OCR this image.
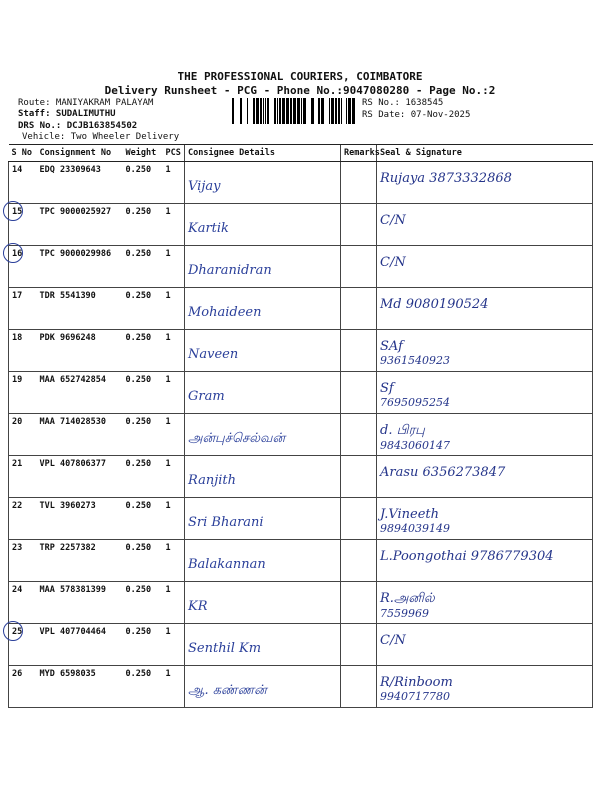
THE PROFESSIONAL COURIERS, COIMBATORE
Delivery Runsheet - PCG - Phone No.:9047080280 - Page No.:2
Route: MANIYAKRAM PALAYAM
Staff: SUDALIMUTHU
DRS No.: DCJB163854502
Vehicle: Two Wheeler Delivery
RS No.: 1638545
RS Date: 07-Nov-2025
S No	Consignment No	Weight	PCS	Consignee Details	Remarks	Seal & Signature
14	EDQ 23309643	0.250	1	Vijay		Rujaya 3873332868

15	TPC 9000025927	0.250	1	Kartik		C/N

16	TPC 9000029986	0.250	1	Dharanidran		C/N

17	TDR 5541390	0.250	1	Mohaideen		Md 9080190524

18	PDK 9696248	0.250	1	Naveen		SAf
9361540923

19	MAA 652742854	0.250	1	Gram		Sf
7695095254

20	MAA 714028530	0.250	1	அன்புச்செல்வன்		d. பிரபு
9843060147

21	VPL 407806377	0.250	1	Ranjith		Arasu 6356273847

22	TVL 3960273	0.250	1	Sri Bharani		J.Vineeth
9894039149

23	TRP 2257382	0.250	1	Balakannan		L.Poongothai 9786779304

24	MAA 578381399	0.250	1	KR		R.அனில்
7559969

25	VPL 407704464	0.250	1	Senthil Km		C/N

26	MYD 6598035	0.250	1	ஆ. கண்ணன்		R/Rinboom
9940717780
